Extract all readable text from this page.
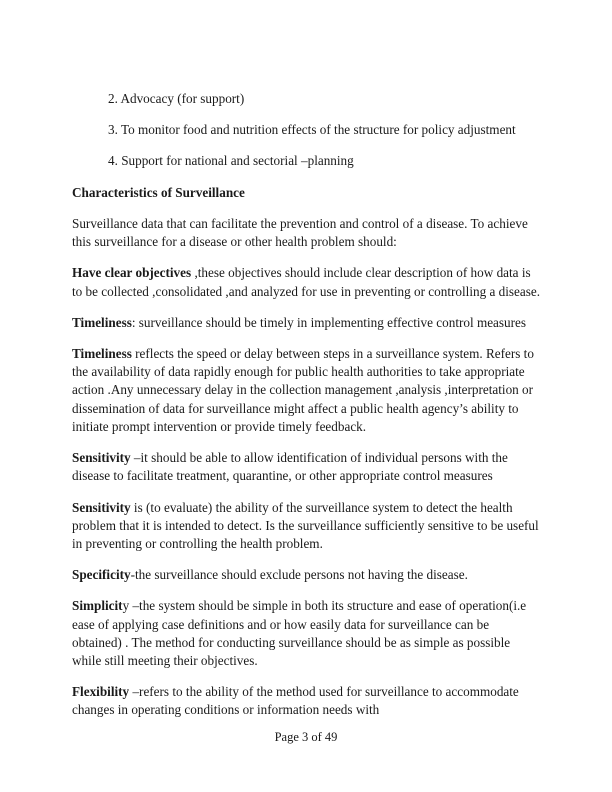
2. Advocacy (for support)

3. To monitor food and nutrition effects of the structure for policy adjustment

4. Support for national and sectorial –planning

Characteristics of Surveillance

Surveillance data that can facilitate the prevention and control of a disease. To achieve this surveillance for a disease or other health problem should:

Have clear objectives ,these objectives should include clear description of how data is to be collected ,consolidated ,and analyzed for use in preventing or controlling a disease.

Timeliness: surveillance should be timely in implementing effective control measures

Timeliness reflects the speed or delay between steps in a surveillance system. Refers to the availability of data rapidly enough for public health authorities to take appropriate action .Any unnecessary delay in the collection management ,analysis ,interpretation or dissemination of data for surveillance might affect a public health agency’s ability to initiate prompt intervention or provide timely feedback.

Sensitivity –it should be able to allow identification of individual persons with the disease to facilitate treatment, quarantine, or other appropriate control measures

Sensitivity is (to evaluate) the ability of the surveillance system to detect the health problem that it is intended to detect. Is the surveillance sufficiently sensitive to be useful in preventing or controlling the health problem.

Specificity-the surveillance should exclude persons not having the disease.

Simplicity –the system should be simple in both its structure and ease of operation(i.e ease of applying case definitions and or how easily data for surveillance can be obtained) . The method for conducting surveillance should be as simple as possible while still meeting their objectives.

Flexibility –refers to the ability of the method used for surveillance to accommodate changes in operating conditions or information needs with

Page 3 of 49
